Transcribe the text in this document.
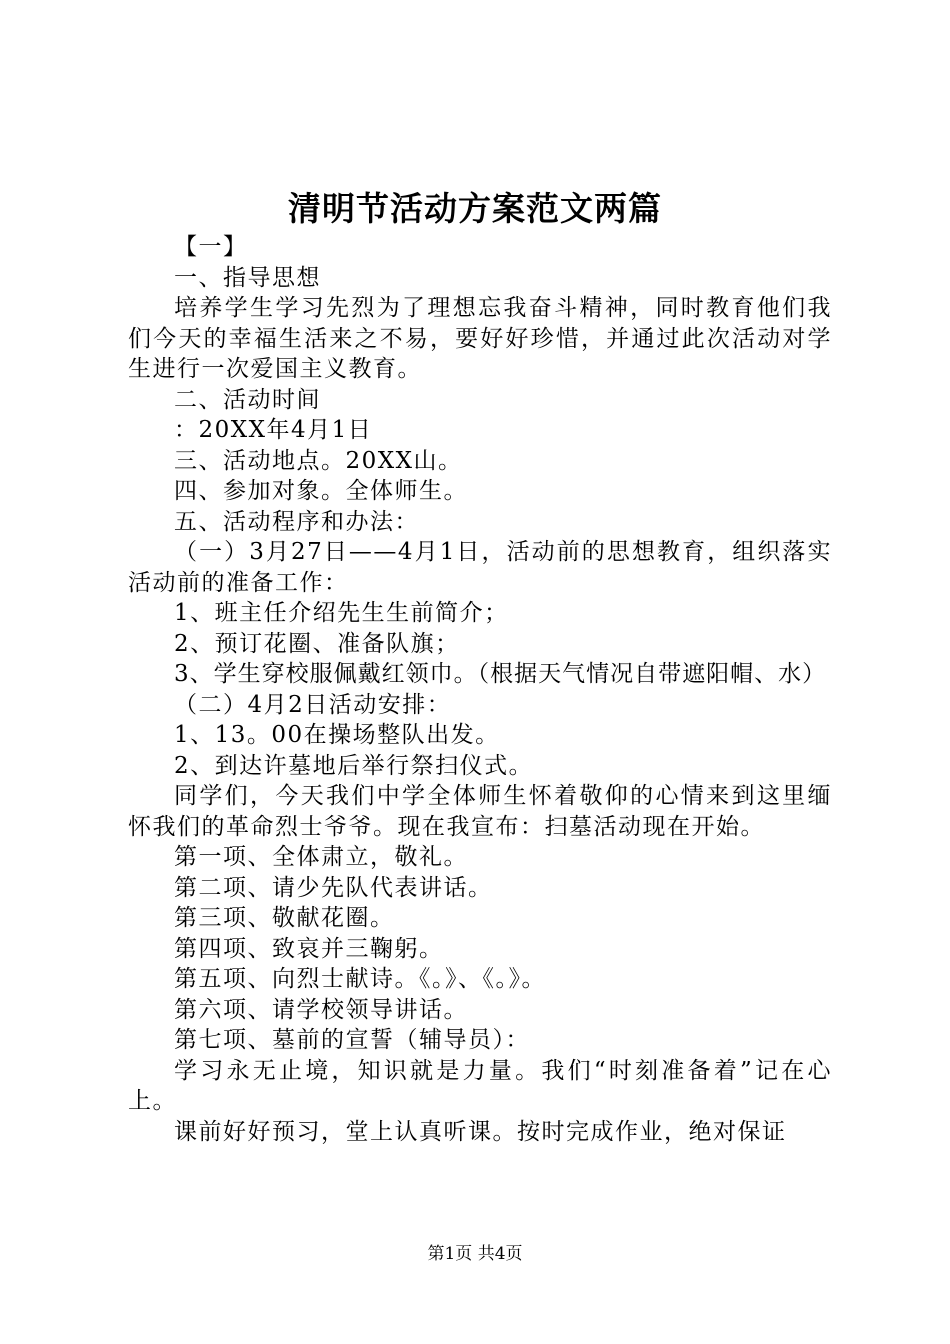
清明节活动方案范文两篇

【一】

一、指导思想

培养学生学习先烈为了理想忘我奋斗精神，同时教育他们我们今天的幸福生活来之不易，要好好珍惜，并通过此次活动对学生进行一次爱国主义教育。

二、活动时间

：20XX年4月1日

三、活动地点。20XX山。

四、参加对象。全体师生。

五、活动程序和办法：

（一）3月27日——4月1日，活动前的思想教育，组织落实活动前的准备工作：

1、班主任介绍先生生前简介；

2、预订花圈、准备队旗；

3、学生穿校服佩戴红领巾。（根据天气情况自带遮阳帽、水）

（二）4月2日活动安排：

1、13。00在操场整队出发。

2、到达许墓地后举行祭扫仪式。

同学们，今天我们中学全体师生怀着敬仰的心情来到这里缅怀我们的革命烈士爷爷。现在我宣布：扫墓活动现在开始。

第一项、全体肃立，敬礼。

第二项、请少先队代表讲话。

第三项、敬献花圈。

第四项、致哀并三鞠躬。

第五项、向烈士献诗。《。》、《。》。

第六项、请学校领导讲话。

第七项、墓前的宣誓（辅导员）：

学习永无止境，知识就是力量。我们“时刻准备着”记在心上。

课前好好预习，堂上认真听课。按时完成作业，绝对保证

第1页 共4页
